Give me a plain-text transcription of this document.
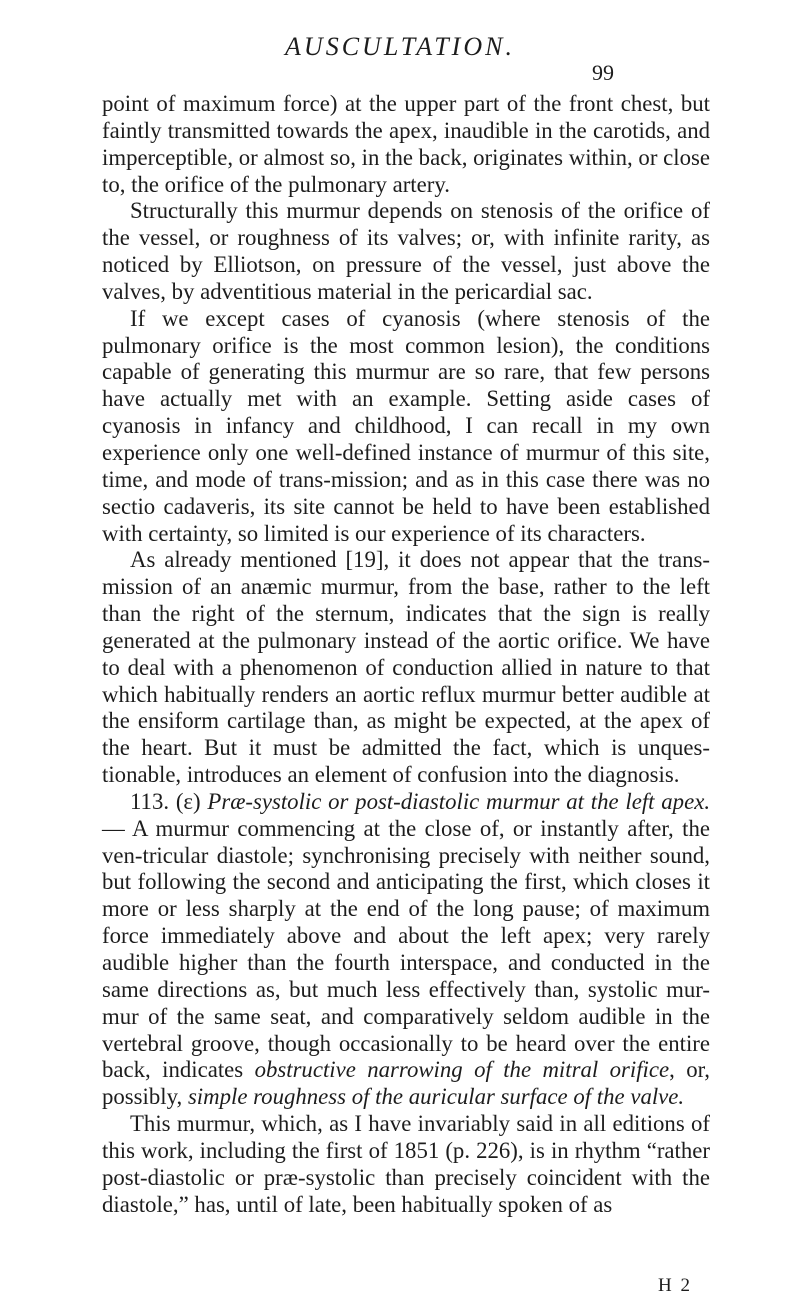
AUSCULTATION.
99

point of maximum force) at the upper part of the front chest, but faintly transmitted towards the apex, inaudible in the carotids, and imperceptible, or almost so, in the back, originates within, or close to, the orifice of the pulmonary artery.

Structurally this murmur depends on stenosis of the orifice of the vessel, or roughness of its valves; or, with infinite rarity, as noticed by Elliotson, on pressure of the vessel, just above the valves, by adventitious material in the pericardial sac.

If we except cases of cyanosis (where stenosis of the pulmonary orifice is the most common lesion), the conditions capable of generating this murmur are so rare, that few persons have actually met with an example. Setting aside cases of cyanosis in infancy and childhood, I can recall in my own experience only one well-defined instance of murmur of this site, time, and mode of trans-mission; and as in this case there was no sectio cadaveris, its site cannot be held to have been established with certainty, so limited is our experience of its characters.

As already mentioned [19], it does not appear that the trans-mission of an anæmic murmur, from the base, rather to the left than the right of the sternum, indicates that the sign is really generated at the pulmonary instead of the aortic orifice. We have to deal with a phenomenon of conduction allied in nature to that which habitually renders an aortic reflux murmur better audible at the ensiform cartilage than, as might be expected, at the apex of the heart. But it must be admitted the fact, which is unques-tionable, introduces an element of confusion into the diagnosis.

113. (ε) Præ-systolic or post-diastolic murmur at the left apex.— A murmur commencing at the close of, or instantly after, the ven-tricular diastole; synchronising precisely with neither sound, but following the second and anticipating the first, which closes it more or less sharply at the end of the long pause; of maximum force immediately above and about the left apex; very rarely audible higher than the fourth interspace, and conducted in the same directions as, but much less effectively than, systolic mur-mur of the same seat, and comparatively seldom audible in the vertebral groove, though occasionally to be heard over the entire back, indicates obstructive narrowing of the mitral orifice, or, possibly, simple roughness of the auricular surface of the valve.

This murmur, which, as I have invariably said in all editions of this work, including the first of 1851 (p. 226), is in rhythm “rather post-diastolic or præ-systolic than precisely coincident with the diastole,” has, until of late, been habitually spoken of as

H 2
